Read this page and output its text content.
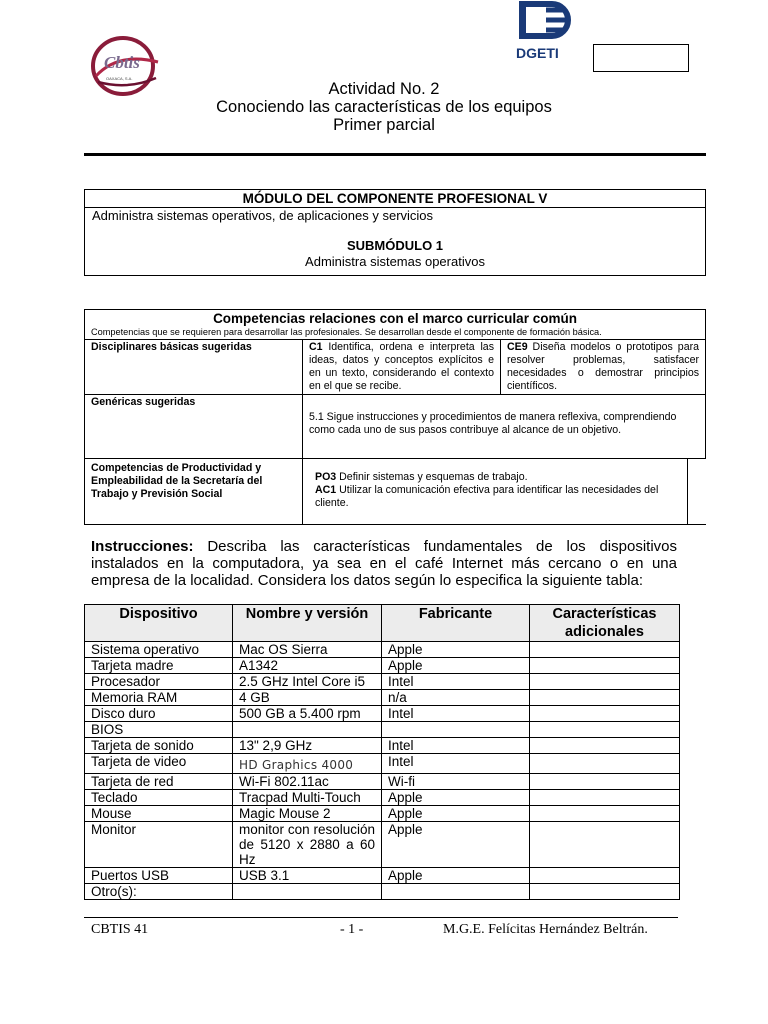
Cbtis
OAXACA, S.A.
DGETI
Actividad No. 2
Conociendo las características de los equipos
Primer parcial
MÓDULO DEL COMPONENTE PROFESIONAL V
Administra sistemas operativos, de aplicaciones y servicios
SUBMÓDULO 1
Administra sistemas operativos
Competencias relaciones con el marco curricular común			
Competencias que se requieren para desarrollar las profesionales. Se desarrollan desde el componente de formación básica.			
Disciplinares básicas sugeridas	C1 Identifica, ordena e interpreta las ideas, datos y conceptos explícitos e en un texto, considerando el contexto en el que se recibe.	CE9 Diseña modelos o prototipos para resolver problemas, satisfacer necesidades o demostrar principios científicos.	
Genéricas sugeridas	5.1 Sigue instrucciones y procedimientos de manera reflexiva, comprendiendo como cada uno de sus pasos contribuye al alcance de un objetivo.		
Competencias de Productividad y Empleabilidad de la Secretaría del Trabajo y Previsión Social	PO3 Definir sistemas y esquemas de trabajo.
AC1 Utilizar la comunicación efectiva para identificar las necesidades del cliente.		
Instrucciones: Describa las características fundamentales de los dispositivos instalados en la computadora, ya sea en el café Internet más cercano o en una empresa de la localidad. Considera los datos según lo especifica la siguiente tabla:
Dispositivo	Nombre y versión	Fabricante	Características adicionales
Sistema operativo	Mac OS Sierra	Apple	
Tarjeta madre	A1342	Apple	
Procesador	2.5 GHz Intel Core i5	Intel	
Memoria RAM	4 GB	n/a	
Disco duro	500 GB a 5.400 rpm	Intel	
BIOS			
Tarjeta de sonido	13" 2,9 GHz	Intel	
Tarjeta de video	HD Graphics 4000	Intel	
Tarjeta de red	Wi-Fi 802.11ac	Wi-fi	
Teclado	Tracpad Multi-Touch	Apple	
Mouse	Magic Mouse 2	Apple	
Monitor	monitor con resolución de 5120 x 2880 a 60 Hz	Apple	
Puertos USB	USB 3.1	Apple	
Otro(s):			
CBTIS 41	- 1 -	M.G.E. Felícitas Hernández Beltrán.
